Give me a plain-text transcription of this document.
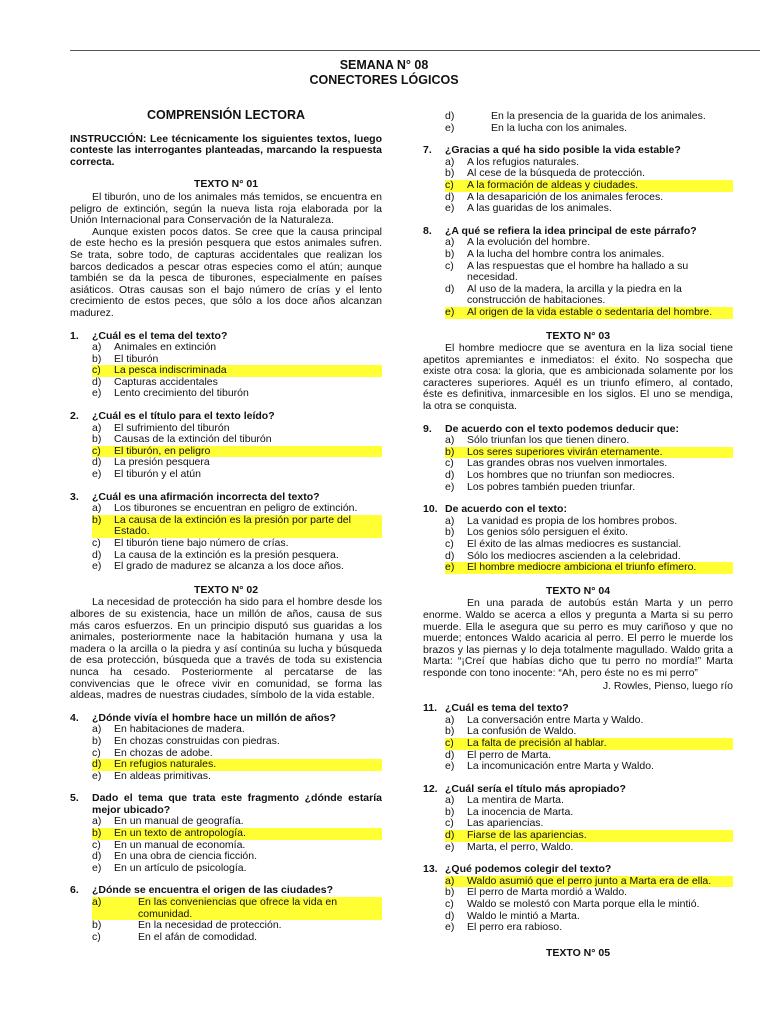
SEMANA N° 08
CONECTORES LÓGICOS
COMPRENSIÓN LECTORA
INSTRUCCIÓN: Lee técnicamente los siguientes textos, luego conteste las interrogantes planteadas, marcando la respuesta correcta.
TEXTO N° 01

El tiburón, uno de los animales más temidos, se encuentra en peligro de extinción, según la nueva lista roja elaborada por la Unión Internacional para Conservación de la Naturaleza.

Aunque existen pocos datos. Se cree que la causa principal de este hecho es la presión pesquera que estos animales sufren. Se trata, sobre todo, de capturas accidentales que realizan los barcos dedicados a pescar otras especies como el atún; aunque también se da la pesca de tiburones, especialmente en países asiáticos. Otras causas son el bajo número de crías y el lento crecimiento de estos peces, que sólo a los doce años alcanzan madurez.

1.	¿Cuál es el tema del texto?
a)	Animales en extinción
b)	El tiburón
c)	La pesca indiscriminada
d)	Capturas accidentales
e)	Lento crecimiento del tiburón
2.	¿Cuál es el título para el texto leído?
a)	El sufrimiento del tiburón
b)	Causas de la extinción del tiburón
c)	El tiburón, en peligro
d)	La presión pesquera
e)	El tiburón y el atún
3.	¿Cuál es una afirmación incorrecta del texto?
a)	Los tiburones se encuentran en peligro de extinción.
b)	La causa de la extinción es la presión por parte del Estado.
c)	El tiburón tiene bajo número de crías.
d)	La causa de la extinción es la presión pesquera.
e)	El grado de madurez se alcanza a los doce años.
TEXTO N° 02

La necesidad de protección ha sido para el hombre desde los albores de su existencia, hace un millón de años, causa de sus más caros esfuerzos. En un principio disputó sus guaridas a los animales, posteriormente nace la habitación humana y usa la madera o la arcilla o la piedra y así continúa su lucha y búsqueda de esa protección, búsqueda que a través de toda su existencia nunca ha cesado. Posteriormente al percatarse de las convivencias que le ofrece vivir en comunidad, se forma las aldeas, madres de nuestras ciudades, símbolo de la vida estable.

4.	¿Dónde vivía el hombre hace un millón de años?
a)	En habitaciones de madera.
b)	En chozas construidas con piedras.
c)	En chozas de adobe.
d)	En refugios naturales.
e)	En aldeas primitivas.
5.	Dado el tema que trata este fragmento ¿dónde estaría mejor ubicado?
a)	En un manual de geografía.
b)	En un texto de antropología.
c)	En un manual de economía.
d)	En una obra de ciencia ficción.
e)	En un artículo de psicología.
6.	¿Dónde se encuentra el origen de las ciudades?
a)	En las conveniencias que ofrece la vida en comunidad.
b)	En la necesidad de protección.
c)	En el afán de comodidad.
d)	En la presencia de la guarida de los animales.
e)	En la lucha con los animales.
7.	¿Gracias a qué ha sido posible la vida estable?
a)	A los refugios naturales.
b)	Al cese de la búsqueda de protección.
c)	A la formación de aldeas y ciudades.
d)	A la desaparición de los animales feroces.
e)	A las guaridas de los animales.
8.	¿A qué se refiera la idea principal de este párrafo?
a)	A la evolución del hombre.
b)	A la lucha del hombre contra los animales.
c)	A las respuestas que el hombre ha hallado a su necesidad.
d)	Al uso de la madera, la arcilla y la piedra en la construcción de habitaciones.
e)	Al origen de la vida estable o sedentaria del hombre.
TEXTO N° 03

El hombre mediocre que se aventura en la liza social tiene apetitos apremiantes e inmediatos: el éxito. No sospecha que existe otra cosa: la gloria, que es ambicionada solamente por los caracteres superiores. Aquél es un triunfo efímero, al contado, éste es definitiva, inmarcesible en los siglos. El uno se mendiga, la otra se conquista.

9.	De acuerdo con el texto podemos deducir que:
a)	Sólo triunfan los que tienen dinero.
b)	Los seres superiores vivirán eternamente.
c)	Las grandes obras nos vuelven inmortales.
d)	Los hombres que no triunfan son mediocres.
e)	Los pobres también pueden triunfar.
10. De acuerdo con el texto:
a)	La vanidad es propia de los hombres probos.
b)	Los genios sólo persiguen el éxito.
c)	El éxito de las almas mediocres es sustancial.
d)	Sólo los mediocres ascienden a la celebridad.
e)	El hombre mediocre ambiciona el triunfo efímero.
TEXTO N° 04

En una parada de autobús están Marta y un perro enorme. Waldo se acerca a ellos y pregunta a Marta si su perro muerde. Ella le asegura que su perro es muy cariñoso y que no muerde; entonces Waldo acaricia al perro. El perro le muerde los brazos y las piernas y lo deja totalmente magullado. Waldo grita a Marta: “¡Creí que habías dicho que tu perro no mordía!” Marta responde con tono inocente: “Ah, pero éste no es mi perro”

J. Rowles, Pienso, luego río
11. ¿Cuál es tema del texto?
a)	La conversación entre Marta y Waldo.
b)	La confusión de Waldo.
c)	La falta de precisión al hablar.
d)	El perro de Marta.
e)	La incomunicación entre Marta y Waldo.
12. ¿Cuál sería el título más apropiado?
a)	La mentira de Marta.
b)	La inocencia de Marta.
c)	Las apariencias.
d)	Fiarse de las apariencias.
e)	Marta, el perro, Waldo.
13. ¿Qué podemos colegir del texto?
a)	Waldo asumió que el perro junto a Marta era de ella.
b)	El perro de Marta mordió a Waldo.
c)	Waldo se molestó con Marta porque ella le mintió.
d)	Waldo le mintió a Marta.
e)	El perro era rabioso.
TEXTO N° 05
